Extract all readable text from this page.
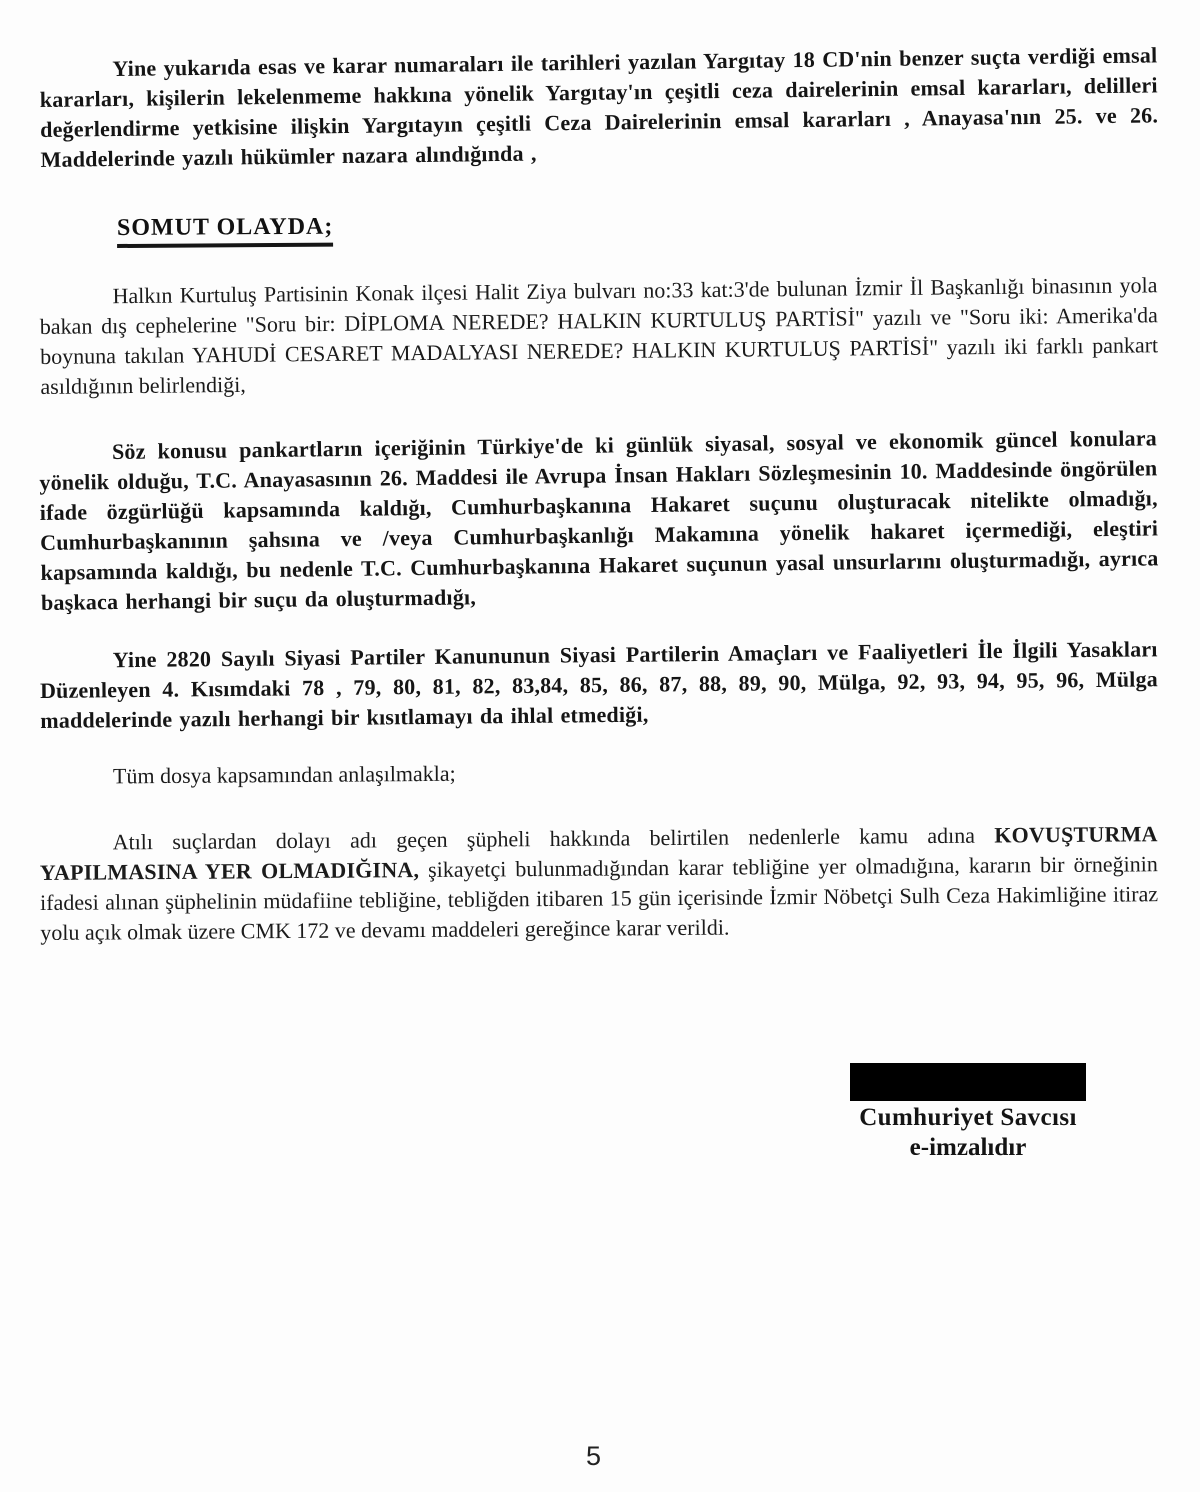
Yine yukarıda esas ve karar numaraları ile tarihleri yazılan Yargıtay 18 CD'nin benzer suçta verdiği emsal kararları, kişilerin lekelenmeme hakkına yönelik Yargıtay'ın çeşitli ceza dairelerinin emsal kararları, delilleri değerlendirme yetkisine ilişkin Yargıtayın çeşitli Ceza Dairelerinin emsal kararları , Anayasa'nın 25. ve 26. Maddelerinde yazılı hükümler nazara alındığında ,

SOMUT OLAYDA;

Halkın Kurtuluş Partisinin Konak ilçesi Halit Ziya bulvarı no:33 kat:3'de bulunan İzmir İl Başkanlığı binasının yola bakan dış cephelerine "Soru bir: DİPLOMA NEREDE? HALKIN KURTULUŞ PARTİSİ" yazılı ve "Soru iki: Amerika'da boynuna takılan YAHUDİ CESARET MADALYASI NEREDE? HALKIN KURTULUŞ PARTİSİ" yazılı iki farklı pankart asıldığının belirlendiği,

Söz konusu pankartların içeriğinin Türkiye'de ki günlük siyasal, sosyal ve ekonomik güncel konulara yönelik olduğu, T.C. Anayasasının 26. Maddesi ile Avrupa İnsan Hakları Sözleşmesinin 10. Maddesinde öngörülen ifade özgürlüğü kapsamında kaldığı, Cumhurbaşkanına Hakaret suçunu oluşturacak nitelikte olmadığı, Cumhurbaşkanının şahsına ve /veya Cumhurbaşkanlığı Makamına yönelik hakaret içermediği, eleştiri kapsamında kaldığı, bu nedenle T.C. Cumhurbaşkanına Hakaret suçunun yasal unsurlarını oluşturmadığı, ayrıca başkaca herhangi bir suçu da oluşturmadığı,

Yine 2820 Sayılı Siyasi Partiler Kanununun Siyasi Partilerin Amaçları ve Faaliyetleri İle İlgili Yasakları Düzenleyen 4. Kısımdaki 78 , 79, 80, 81, 82, 83,84, 85, 86, 87, 88, 89, 90, Mülga, 92, 93, 94, 95, 96, Mülga maddelerinde yazılı herhangi bir kısıtlamayı da ihlal etmediği,

Tüm dosya kapsamından anlaşılmakla;

Atılı suçlardan dolayı adı geçen şüpheli hakkında belirtilen nedenlerle kamu adına KOVUŞTURMA YAPILMASINA YER OLMADIĞINA, şikayetçi bulunmadığından karar tebliğine yer olmadığına, kararın bir örneğinin ifadesi alınan şüphelinin müdafiine tebliğine, tebliğden itibaren 15 gün içerisinde İzmir Nöbetçi Sulh Ceza Hakimliğine itiraz yolu açık olmak üzere CMK 172 ve devamı maddeleri gereğince karar verildi.

Cumhuriyet Savcısı
e-imzalıdır
5
